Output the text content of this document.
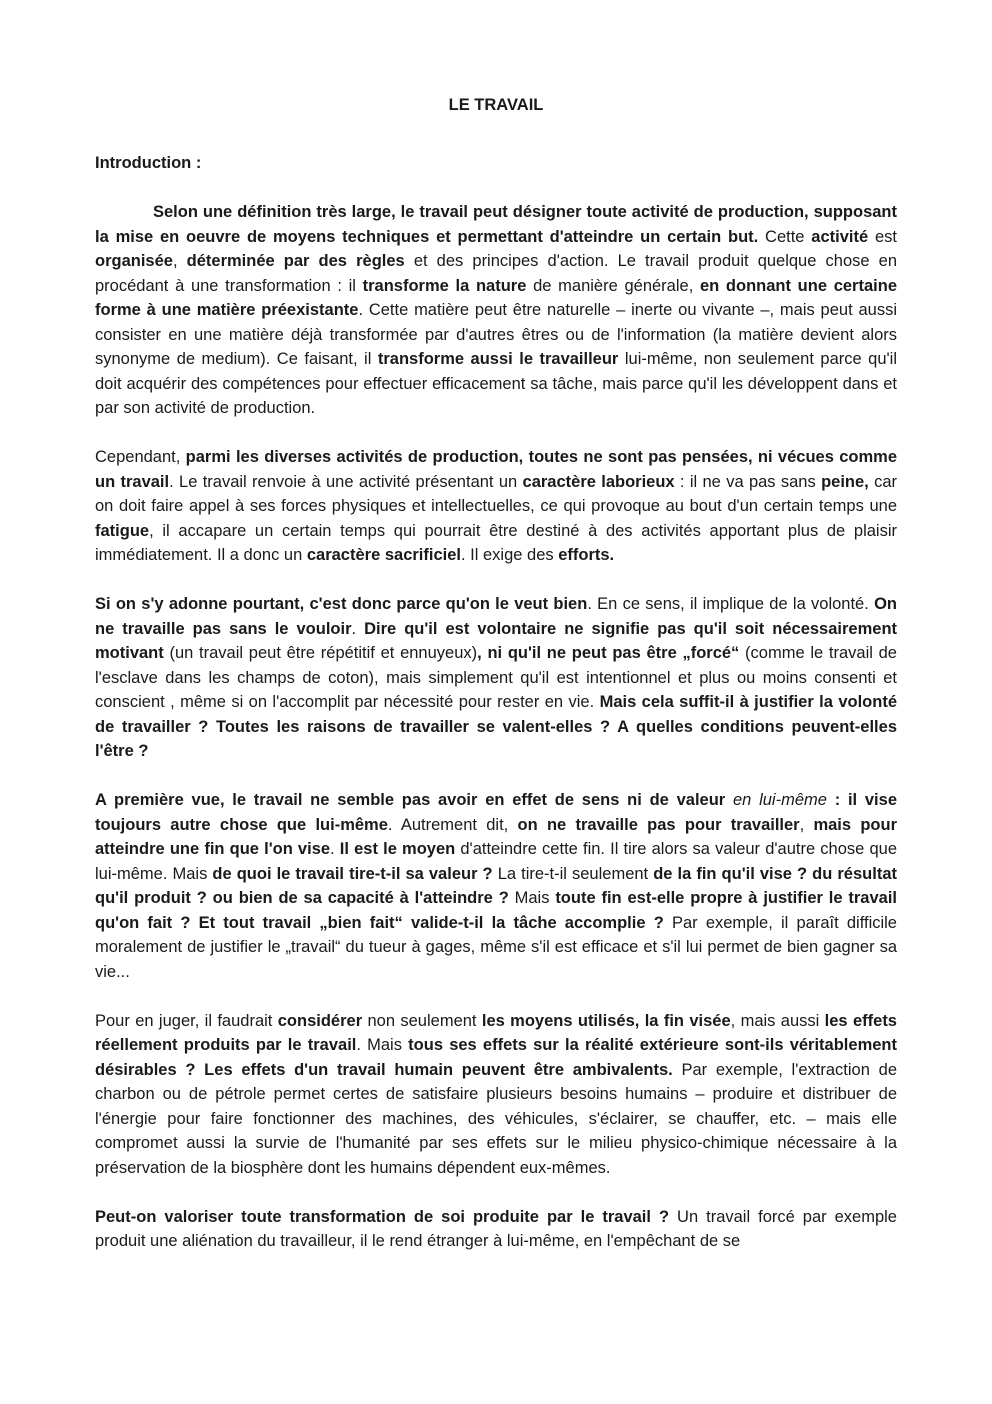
LE TRAVAIL
Introduction :

Selon une définition très large, le travail peut désigner toute activité de production, supposant la mise en oeuvre de moyens techniques et permettant d'atteindre un certain but. Cette activité est organisée, déterminée par des règles et des principes d'action. Le travail produit quelque chose en procédant à une transformation : il transforme la nature de manière générale, en donnant une certaine forme à une matière préexistante. Cette matière peut être naturelle – inerte ou vivante –, mais peut aussi consister en une matière déjà transformée par d'autres êtres ou de l'information (la matière devient alors synonyme de medium). Ce faisant, il transforme aussi le travailleur lui-même, non seulement parce qu'il doit acquérir des compétences pour effectuer efficacement sa tâche, mais parce qu'il les développent dans et par son activité de production.

Cependant, parmi les diverses activités de production, toutes ne sont pas pensées, ni vécues comme un travail. Le travail renvoie à une activité présentant un caractère laborieux : il ne va pas sans peine, car on doit faire appel à ses forces physiques et intellectuelles, ce qui provoque au bout d'un certain temps une fatigue, il accapare un certain temps qui pourrait être destiné à des activités apportant plus de plaisir immédiatement. Il a donc un caractère sacrificiel. Il exige des efforts.

Si on s'y adonne pourtant, c'est donc parce qu'on le veut bien. En ce sens, il implique de la volonté. On ne travaille pas sans le vouloir. Dire qu'il est volontaire ne signifie pas qu'il soit nécessairement motivant (un travail peut être répétitif et ennuyeux), ni qu'il ne peut pas être „forcé“ (comme le travail de l'esclave dans les champs de coton), mais simplement qu'il est intentionnel et plus ou moins consenti et conscient , même si on l'accomplit par nécessité pour rester en vie. Mais cela suffit-il à justifier la volonté de travailler ? Toutes les raisons de travailler se valent-elles ? A quelles conditions peuvent-elles l'être ?

A première vue, le travail ne semble pas avoir en effet de sens ni de valeur en lui-même : il vise toujours autre chose que lui-même. Autrement dit, on ne travaille pas pour travailler, mais pour atteindre une fin que l'on vise. Il est le moyen d'atteindre cette fin. Il tire alors sa valeur d'autre chose que lui-même. Mais de quoi le travail tire-t-il sa valeur ? La tire-t-il seulement de la fin qu'il vise ? du résultat qu'il produit ? ou bien de sa capacité à l'atteindre ? Mais toute fin est-elle propre à justifier le travail qu'on fait ? Et tout travail „bien fait“ valide-t-il la tâche accomplie ? Par exemple, il paraît difficile moralement de justifier le „travail“ du tueur à gages, même s'il est efficace et s'il lui permet de bien gagner sa vie...

Pour en juger, il faudrait considérer non seulement les moyens utilisés, la fin visée, mais aussi les effets réellement produits par le travail. Mais tous ses effets sur la réalité extérieure sont-ils véritablement désirables ? Les effets d'un travail humain peuvent être ambivalents. Par exemple, l'extraction de charbon ou de pétrole permet certes de satisfaire plusieurs besoins humains – produire et distribuer de l'énergie pour faire fonctionner des machines, des véhicules, s'éclairer, se chauffer, etc. – mais elle compromet aussi la survie de l'humanité par ses effets sur le milieu physico-chimique nécessaire à la préservation de la biosphère dont les humains dépendent eux-mêmes.

Peut-on valoriser toute transformation de soi produite par le travail ? Un travail forcé par exemple produit une aliénation du travailleur, il le rend étranger à lui-même, en l'empêchant de se
